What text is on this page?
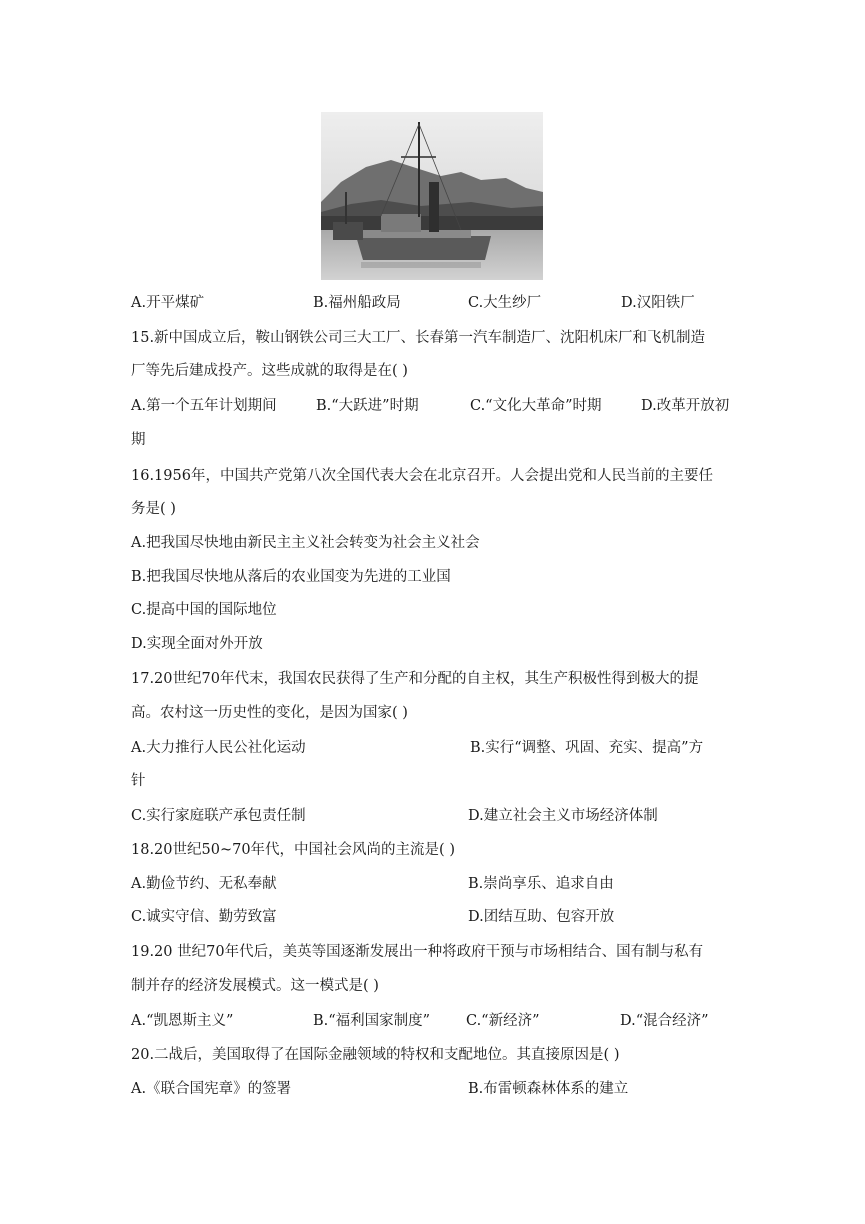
A.开平煤矿	B.福州船政局	C.大生纱厂	D.汉阳铁厂
15.新中国成立后，鞍山钢铁公司三大工厂、长春第一汽车制造厂、沈阳机床厂和飞机制造
厂等先后建成投产。这些成就的取得是在( )
A.第一个五年计划期间	B.“大跃进”时期	C.“文化大革命”时期	D.改革开放初
期
16.1956年，中国共产党第八次全国代表大会在北京召开。人会提出党和人民当前的主要任
务是( )
A.把我国尽快地由新民主主义社会转变为社会主义社会
B.把我国尽快地从落后的农业国变为先进的工业国
C.提高中国的国际地位
D.实现全面对外开放
17.20世纪70年代末，我国农民获得了生产和分配的自主权，其生产积极性得到极大的提
高。农村这一历史性的变化，是因为国家( )
A.大力推行人民公社化运动	B.实行“调整、巩固、充实、提高”方
针
C.实行家庭联产承包责任制	D.建立社会主义市场经济体制
18.20世纪50~70年代，中国社会风尚的主流是( )
A.勤俭节约、无私奉献	B.崇尚享乐、追求自由
C.诚实守信、勤劳致富	D.团结互助、包容开放
19.20 世纪70年代后，美英等国逐渐发展出一种将政府干预与市场相结合、国有制与私有
制并存的经济发展模式。这一模式是( )
A.“凯恩斯主义”	B.“福利国家制度” C.“新经济”	D.“混合经济”
20.二战后，美国取得了在国际金融领域的特权和支配地位。其直接原因是( )
A.《联合国宪章》的签署	B.布雷顿森林体系的建立
